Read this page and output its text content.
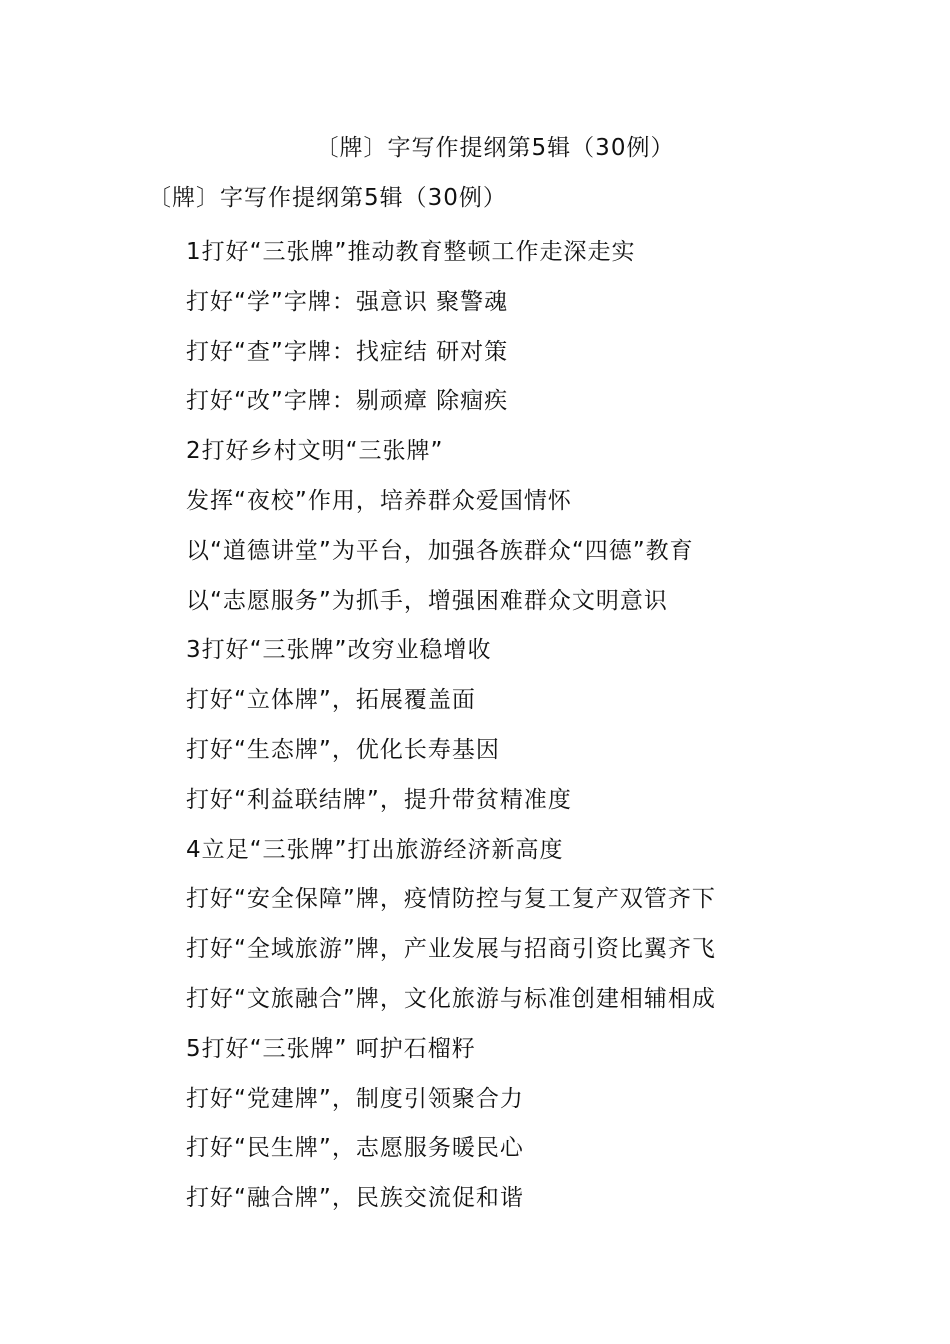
〔牌〕字写作提纲第5辑（30例）
〔牌〕字写作提纲第5辑（30例）
1打好“三张牌”推动教育整顿工作走深走实
打好“学”字牌：强意识 聚警魂
打好“查”字牌：找症结 研对策
打好“改”字牌：剔顽瘴 除痼疾
2打好乡村文明“三张牌”
发挥“夜校”作用，培养群众爱国情怀
以“道德讲堂”为平台，加强各族群众“四德”教育
以“志愿服务”为抓手，增强困难群众文明意识
3打好“三张牌”改穷业稳增收
打好“立体牌”，拓展覆盖面
打好“生态牌”，优化长寿基因
打好“利益联结牌”，提升带贫精准度
4立足“三张牌”打出旅游经济新高度
打好“安全保障”牌，疫情防控与复工复产双管齐下
打好“全域旅游”牌，产业发展与招商引资比翼齐飞
打好“文旅融合”牌，文化旅游与标准创建相辅相成
5打好“三张牌” 呵护石榴籽
打好“党建牌”，制度引领聚合力
打好“民生牌”，志愿服务暖民心
打好“融合牌”，民族交流促和谐
